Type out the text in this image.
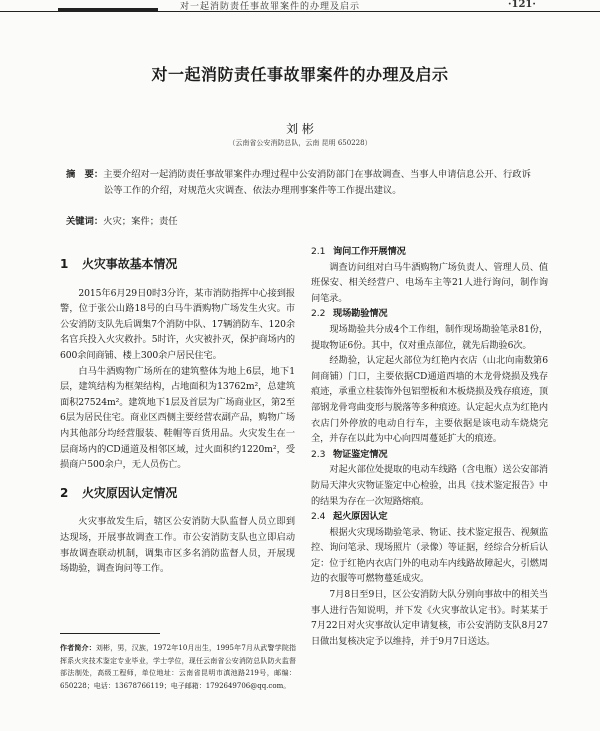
对一起消防责任事故罪案件的办理及启示	·121·
对一起消防责任事故罪案件的办理及启示
刘 彬
（云南省公安消防总队，云南 昆明 650228）
摘　要：主要介绍对一起消防责任事故罪案件办理过程中公安消防部门在事故调查、当事人申请信息公开、行政诉讼等工作的介绍，对规范火灾调查、依法办理刑事案件等工作提出建议。
关键词：火灾；案件；责任
1 火灾事故基本情况

2015年6月29日0时3分许，某市消防指挥中心接到报警，位于张公山路18号的白马牛酒购物广场发生火灾。市公安消防支队先后调集7个消防中队、17辆消防车、120余名官兵投入火灾救扑。5时许，火灾被扑灭，保护商场内的600余间商铺、楼上300余户居民住宅。

白马牛酒购物广场所在的建筑整体为地上6层，地下1层，建筑结构为框架结构，占地面积为13762m²，总建筑面积27524m²。建筑地下1层及首层为广场商业区，第2至6层为居民住宅。商业区西侧主要经营农副产品，购物广场内其他部分均经营服装、鞋帽等百货用品。火灾发生在一层商场内的CD通道及相邻区域，过火面积约1220m²，受损商户500余户，无人员伤亡。

2 火灾原因认定情况

火灾事故发生后，辖区公安消防大队监督人员立即到达现场，开展事故调查工作。市公安消防支队也立即启动事故调查联动机制，调集市区多名消防监督人员，开展现场勘验，调查询问等工作。

2.1 询问工作开展情况

调查访问组对白马牛酒购物广场负责人、管理人员、值班保安、相关经营户、电场车主等21人进行询问，制作询问笔录。

2.2 现场勘验情况

现场勘验共分成4个工作组，制作现场勘验笔录81份，提取物证6份。其中，仅对重点部位，就先后勘验6次。

经勘验，认定起火部位为红艳内衣店（山北向南数第6间商铺）门口，主要依据CD通道西墙的木龙骨烧损及残存痕迹，承重立柱装饰外包铝塑板和木板烧损及残存痕迹，顶部钢龙骨弯曲变形与脱落等多种痕迹。认定起火点为红艳内衣店门外停放的电动自行车，主要依据是该电动车烧烧完全，并存在以此为中心向四周蔓延扩大的痕迹。

2.3 物证鉴定情况

对起火部位处提取的电动车线路（含电瓶）送公安部消防局天津火灾物证鉴定中心检验，出具《技术鉴定报告》中的结果为存在一次短路熔痕。

2.4 起火原因认定

根据火灾现场勘验笔录、物证、技术鉴定报告、视频监控、询问笔录、现场照片（录像）等证据，经综合分析后认定：位于红艳内衣店门外的电动车内线路故障起火，引燃周边的衣服等可燃物蔓延成灾。

7月8日至9日，区公安消防大队分别向事故中的相关当事人进行告知说明，并下发《火灾事故认定书》。时某某于7月22日对火灾事故认定申请复核，市公安消防支队8月27日做出复核决定予以维持，并于9月7日送达。

作者简介：刘彬，男，汉族，1972年10月出生，1995年7月从武警学院指挥系火灾技术鉴定专业毕业，学士学位，现任云南省公安消防总队防火监督部法制处，高级工程师，单位地址：云南省昆明市滇池路219号，邮编：650228；电话：13678766119；电子邮箱：1792649706@qq.com。
